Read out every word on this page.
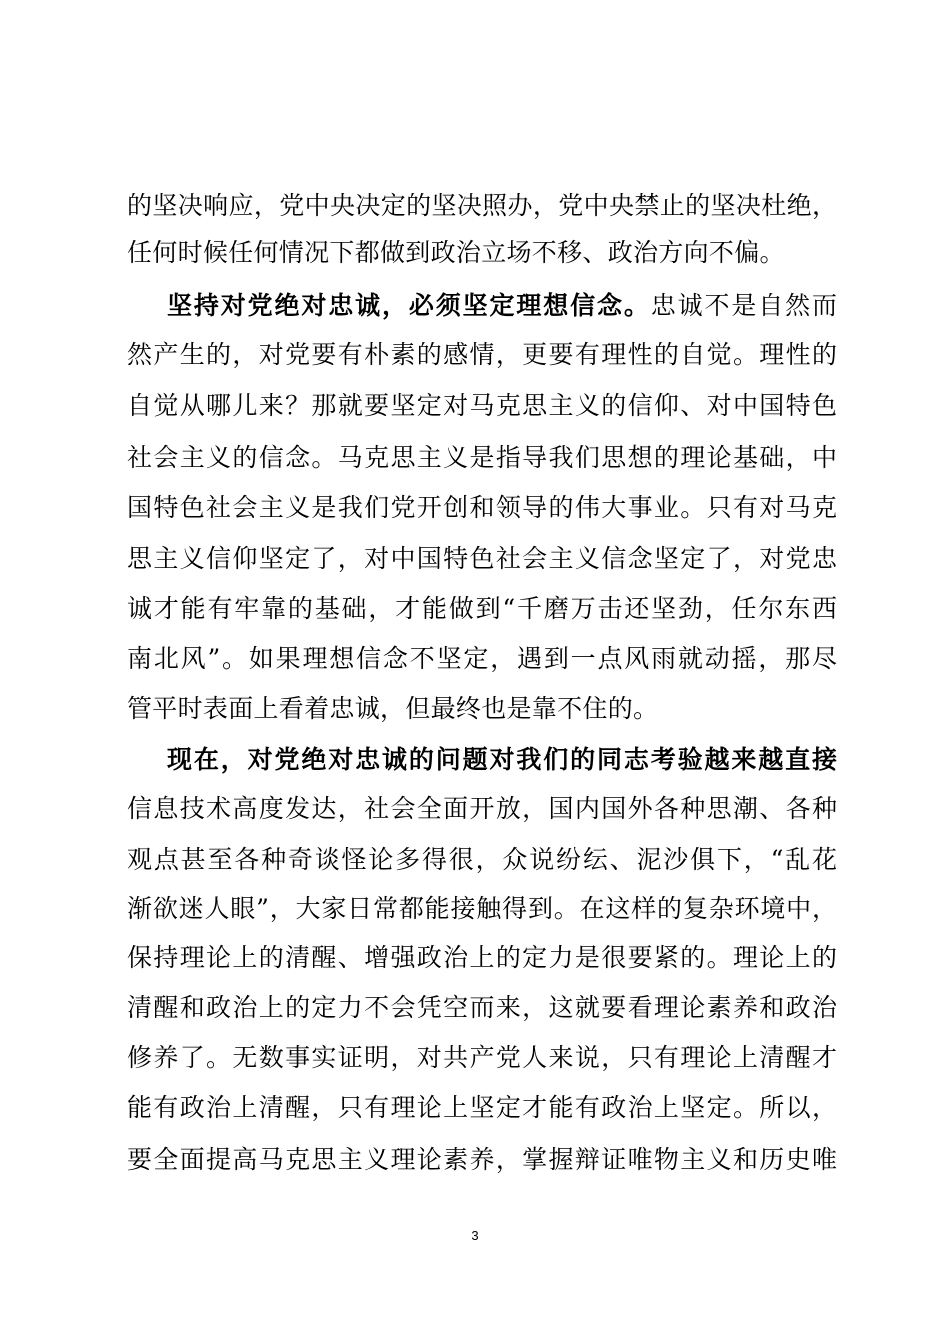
的坚决响应，党中央决定的坚决照办，党中央禁止的坚决杜绝，
任何时候任何情况下都做到政治立场不移、政治方向不偏。
坚持对党绝对忠诚，必须坚定理想信念。忠诚不是自然而
然产生的，对党要有朴素的感情，更要有理性的自觉。理性的
自觉从哪儿来？那就要坚定对马克思主义的信仰、对中国特色
社会主义的信念。马克思主义是指导我们思想的理论基础，中
国特色社会主义是我们党开创和领导的伟大事业。只有对马克
思主义信仰坚定了，对中国特色社会主义信念坚定了，对党忠
诚才能有牢靠的基础，才能做到“千磨万击还坚劲，任尔东西
南北风”。如果理想信念不坚定，遇到一点风雨就动摇，那尽
管平时表面上看着忠诚，但最终也是靠不住的。
现在，对党绝对忠诚的问题对我们的同志考验越来越直接
信息技术高度发达，社会全面开放，国内国外各种思潮、各种
观点甚至各种奇谈怪论多得很，众说纷纭、泥沙俱下，“乱花
渐欲迷人眼”，大家日常都能接触得到。在这样的复杂环境中，
保持理论上的清醒、增强政治上的定力是很要紧的。理论上的
清醒和政治上的定力不会凭空而来，这就要看理论素养和政治
修养了。无数事实证明，对共产党人来说，只有理论上清醒才
能有政治上清醒，只有理论上坚定才能有政治上坚定。所以，
要全面提高马克思主义理论素养，掌握辩证唯物主义和历史唯
3
